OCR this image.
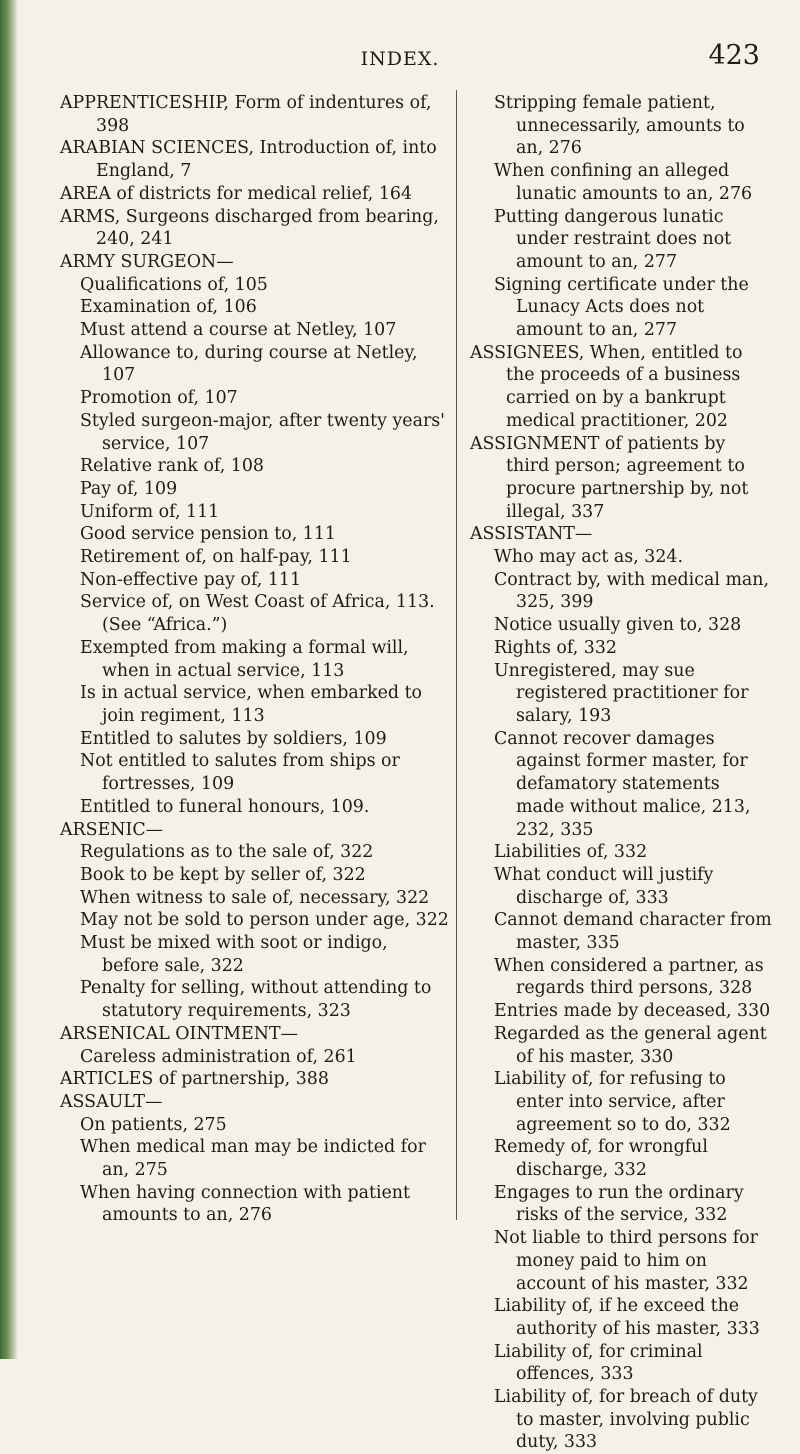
INDEX.	423

APPRENTICESHIP, Form of indentures of, 398

ARABIAN SCIENCES, Introduction of, into England, 7

AREA of districts for medical relief, 164

ARMS, Surgeons discharged from bearing, 240, 241

ARMY SURGEON—

Qualifications of, 105

Examination of, 106

Must attend a course at Netley, 107

Allowance to, during course at Netley, 107

Promotion of, 107

Styled surgeon-major, after twenty years' service, 107

Relative rank of, 108

Pay of, 109

Uniform of, 111

Good service pension to, 111

Retirement of, on half-pay, 111

Non-effective pay of, 111

Service of, on West Coast of Africa, 113. (See “Africa.”)

Exempted from making a formal will, when in actual service, 113

Is in actual service, when embarked to join regiment, 113

Entitled to salutes by soldiers, 109

Not entitled to salutes from ships or fortresses, 109

Entitled to funeral honours, 109.

ARSENIC—

Regulations as to the sale of, 322

Book to be kept by seller of, 322

When witness to sale of, necessary, 322

May not be sold to person under age, 322

Must be mixed with soot or indigo, before sale, 322

Penalty for selling, without attending to statutory requirements, 323

ARSENICAL OINTMENT—

Careless administration of, 261

ARTICLES of partnership, 388

ASSAULT—

On patients, 275

When medical man may be indicted for an, 275

When having connection with patient amounts to an, 276

Stripping female patient, unnecessarily, amounts to an, 276

When confining an alleged lunatic amounts to an, 276

Putting dangerous lunatic under restraint does not amount to an, 277

Signing certificate under the Lunacy Acts does not amount to an, 277

ASSIGNEES, When, entitled to the proceeds of a business carried on by a bankrupt medical practitioner, 202

ASSIGNMENT of patients by third person; agreement to procure partnership by, not illegal, 337

ASSISTANT—

Who may act as, 324.

Contract by, with medical man, 325, 399

Notice usually given to, 328

Rights of, 332

Unregistered, may sue registered practitioner for salary, 193

Cannot recover damages against former master, for defamatory statements made without malice, 213, 232, 335

Liabilities of, 332

What conduct will justify discharge of, 333

Cannot demand character from master, 335

When considered a partner, as regards third persons, 328

Entries made by deceased, 330

Regarded as the general agent of his master, 330

Liability of, for refusing to enter into service, after agreement so to do, 332

Remedy of, for wrongful discharge, 332

Engages to run the ordinary risks of the service, 332

Not liable to third persons for money paid to him on account of his master, 332

Liability of, if he exceed the authority of his master, 333

Liability of, for criminal offences, 333

Liability of, for breach of duty to master, involving public duty, 333
